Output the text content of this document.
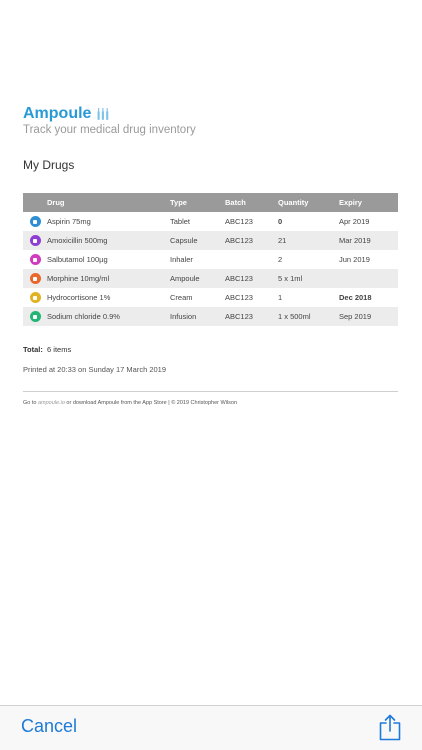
Ampoule
Track your medical drug inventory
My Drugs
	Drug	Type	Batch	Quantity	Expiry
	Aspirin 75mg	Tablet	ABC123	0	Apr 2019
	Amoxicillin 500mg	Capsule	ABC123	21	Mar 2019
	Salbutamol 100µg	Inhaler		2	Jun 2019
	Morphine 10mg/ml	Ampoule	ABC123	5 x 1ml	
	Hydrocortisone 1%	Cream	ABC123	1	Dec 2018
	Sodium chloride 0.9%	Infusion	ABC123	1 x 500ml	Sep 2019
Total: 6 items
Printed at 20:33 on Sunday 17 March 2019
Go to ampoule.io or download Ampoule from the App Store | © 2019 Christopher Wilson
Cancel
